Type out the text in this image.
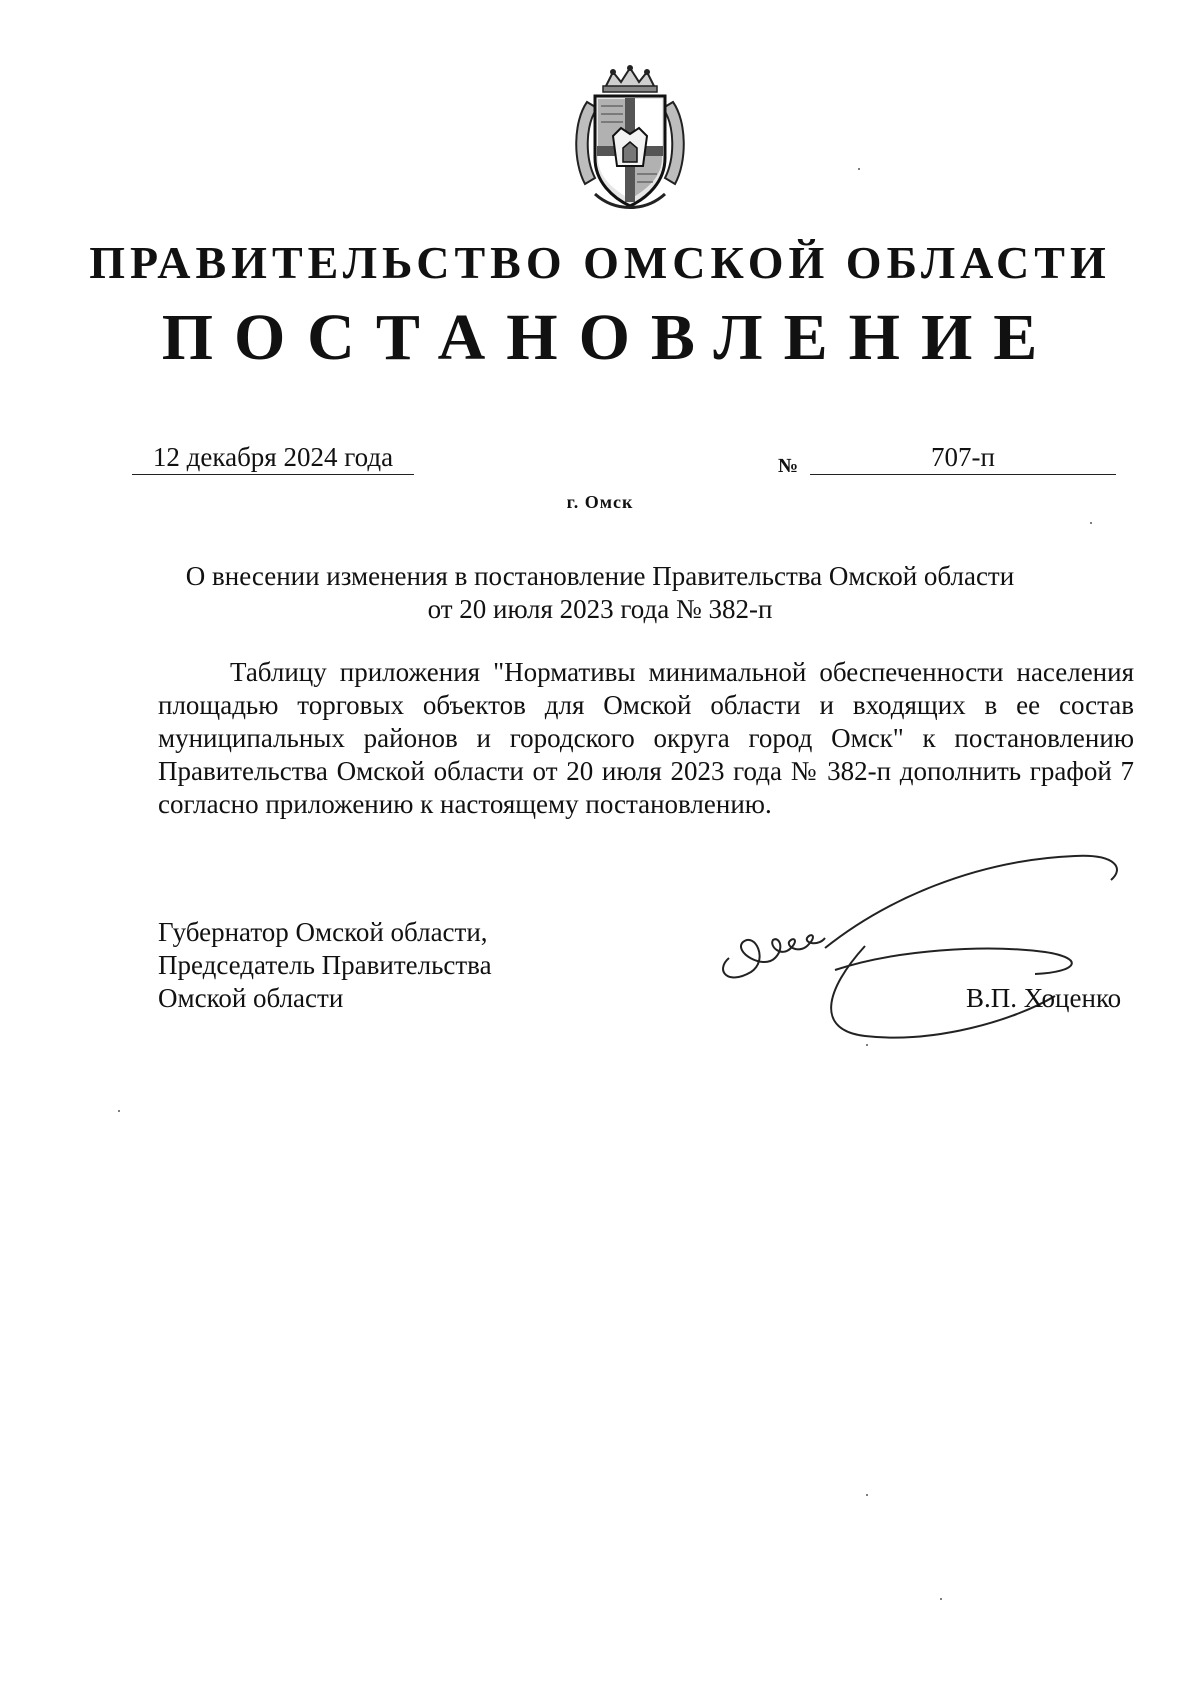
ПРАВИТЕЛЬСТВО ОМСКОЙ ОБЛАСТИ
ПОСТАНОВЛЕНИЕ
12 декабря 2024 года	№	707-п
г. Омск
О внесении изменения в постановление Правительства Омской области
от 20 июля 2023 года № 382-п

Таблицу приложения "Нормативы минимальной обеспеченности населения площадью торговых объектов для Омской области и входящих в ее состав муниципальных районов и городского округа город Омск" к постановлению Правительства Омской области от 20 июля 2023 года № 382-п дополнить графой 7 согласно приложению к настоящему постановлению.

Губернатор Омской области,
Председатель Правительства
Омской области	В.П. Хоценко
